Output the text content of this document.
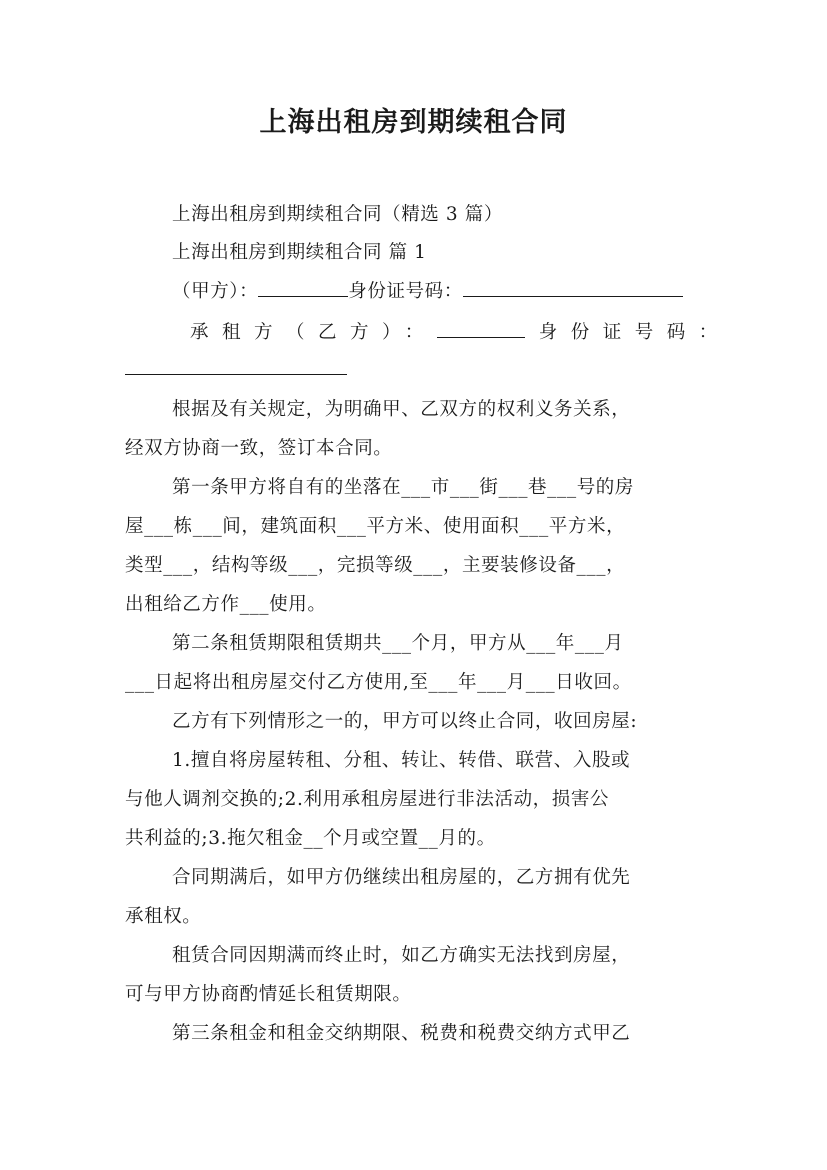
上海出租房到期续租合同
上海出租房到期续租合同（精选 3 篇）
上海出租房到期续租合同 篇 1
（甲方）：	身份证号码：
承租方（乙方）：	身份证号码：
根据及有关规定，为明确甲、乙双方的权利义务关系，
经双方协商一致，签订本合同。
第一条甲方将自有的坐落在___市___街___巷___号的房
屋___栋___间，建筑面积___平方米、使用面积___平方米，
类型___，结构等级___，完损等级___，主要装修设备___，
出租给乙方作___使用。
第二条租赁期限租赁期共___个月，甲方从___年___月
___日起将出租房屋交付乙方使用,至___年___月___日收回。
乙方有下列情形之一的，甲方可以终止合同，收回房屋:
1.擅自将房屋转租、分租、转让、转借、联营、入股或
与他人调剂交换的;2.利用承租房屋进行非法活动，损害公
共利益的;3.拖欠租金__个月或空置__月的。
合同期满后，如甲方仍继续出租房屋的，乙方拥有优先
承租权。
租赁合同因期满而终止时，如乙方确实无法找到房屋，
可与甲方协商酌情延长租赁期限。
第三条租金和租金交纳期限、税费和税费交纳方式甲乙
